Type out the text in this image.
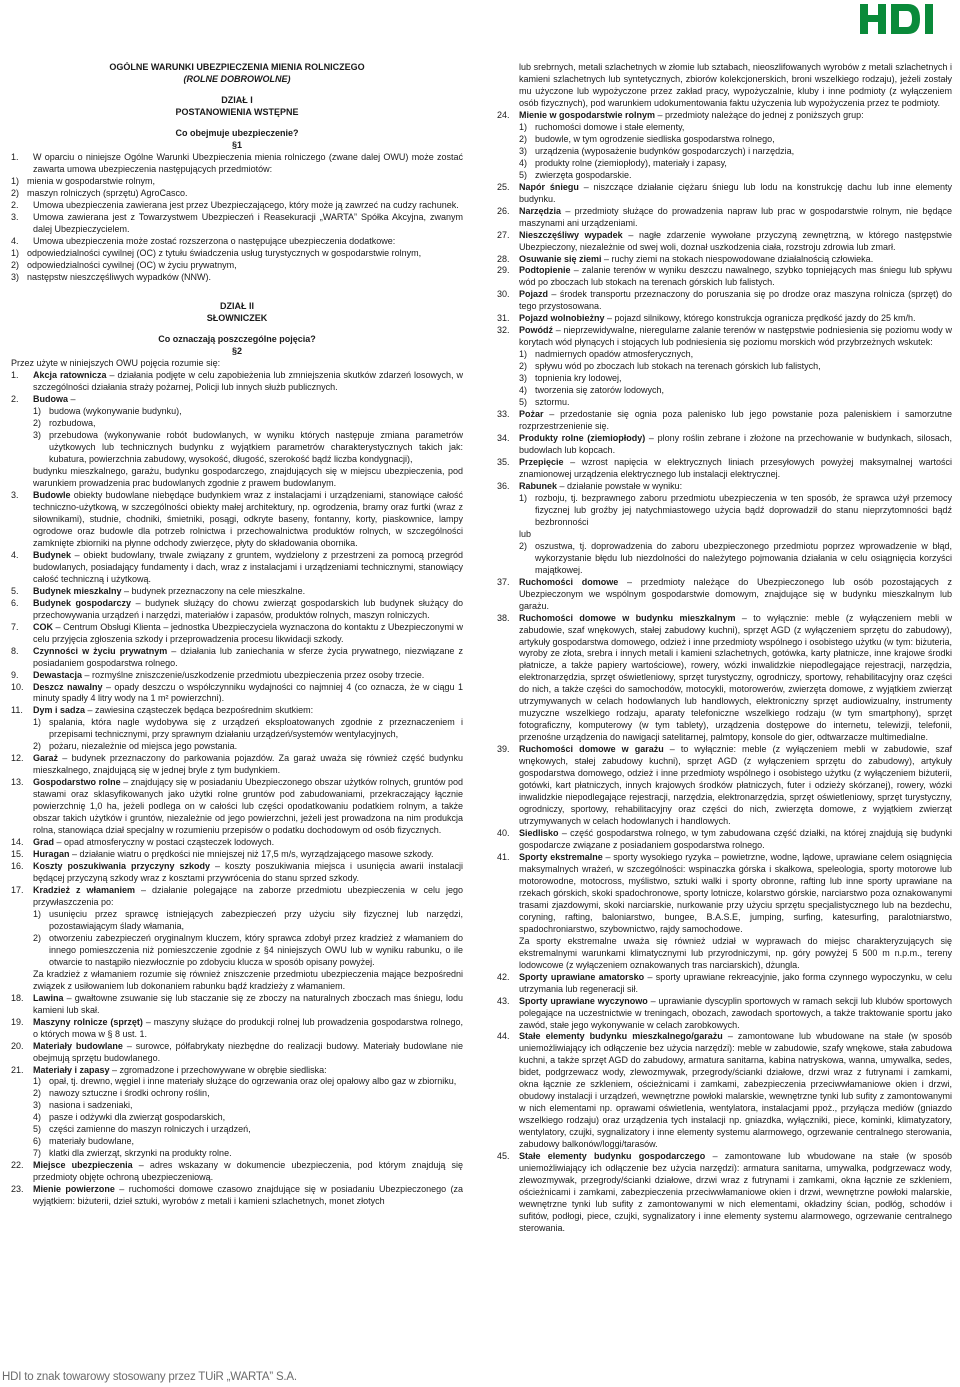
OGÓLNE WARUNKI UBEZPIECZENIA MIENIA ROLNICZEGO

(ROLNE DOBROWOLNE)

DZIAŁ I

POSTANOWIENIA WSTĘPNE

Co obejmuje ubezpieczenie?

§1

1.	W oparciu o niniejsze Ogólne Warunki Ubezpieczenia mienia rolniczego (zwane dalej OWU) może zostać zawarta umowa ubezpieczenia następujących przedmiotów:
1) mienia w gospodarstwie rolnym,
2) maszyn rolniczych (sprzętu) AgroCasco.
2.	Umowa ubezpieczenia zawierana jest przez Ubezpieczającego, który może ją zawrzeć na cudzy rachunek.
3.	Umowa zawierana jest z Towarzystwem Ubezpieczeń i Reasekuracji „WARTA” Spółka Akcyjna, zwanym dalej Ubezpieczycielem.
4.	Umowa ubezpieczenia może zostać rozszerzona o następujące ubezpieczenia dodatkowe:
1) odpowiedzialności cywilnej (OC) z tytułu świadczenia usług turystycznych w gospodarstwie rolnym,
2) odpowiedzialności cywilnej (OC) w życiu prywatnym,
3) następstw nieszczęśliwych wypadków (NNW).

DZIAŁ II

SŁOWNICZEK

Co oznaczają poszczególne pojęcia?

§2

Przez użyte w niniejszych OWU pojęcia rozumie się:

1.	Akcja ratownicza – działania podjęte w celu zapobieżenia lub zmniejszenia skutków zdarzeń losowych, w szczególności działania straży pożarnej, Policji lub innych służb publicznych.
2.	Budowa –
1) budowa (wykonywanie budynku),
2) rozbudowa,
3) przebudowa (wykonywanie robót budowlanych, w wyniku których następuje zmiana parametrów użytkowych lub technicznych budynku z wyjątkiem parametrów charakterystycznych takich jak: kubatura, powierzchnia zabudowy, wysokość, długość, szerokość bądź liczba kondygnacji),
budynku mieszkalnego, garażu, budynku gospodarczego, znajdujących się w miejscu ubezpieczenia, pod warunkiem prowadzenia prac budowlanych zgodnie z prawem budowlanym.
3.	Budowle obiekty budowlane niebędące budynkiem wraz z instalacjami i urządzeniami, stanowiące całość techniczno-użytkową, w szczególności obiekty małej architektury, np. ogrodzenia, bramy oraz furtki (wraz z siłownikami), studnie, chodniki, śmietniki, posągi, odkryte baseny, fontanny, korty, piaskownice, lampy ogrodowe oraz budowle dla potrzeb rolnictwa i przechowalnictwa produktów rolnych, w szczególności zamknięte zbiorniki na płynne odchody zwierzęce, płyty do składowania obornika.
4.	Budynek – obiekt budowlany, trwale związany z gruntem, wydzielony z przestrzeni za pomocą przegród budowlanych, posiadający fundamenty i dach, wraz z instalacjami i urządzeniami technicznymi, stanowiący całość techniczną i użytkową.
5.	Budynek mieszkalny – budynek przeznaczony na cele mieszkalne.
6.	Budynek gospodarczy – budynek służący do chowu zwierząt gospodarskich lub budynek służący do przechowywania urządzeń i narzędzi, materiałów i zapasów, produktów rolnych, maszyn rolniczych.
7.	COK – Centrum Obsługi Klienta – jednostka Ubezpieczyciela wyznaczona do kontaktu z Ubezpieczonymi w celu przyjęcia zgłoszenia szkody i przeprowadzenia procesu likwidacji szkody.
8.	Czynności w życiu prywatnym – działania lub zaniechania w sferze życia prywatnego, niezwiązane z posiadaniem gospodarstwa rolnego.
9.	Dewastacja – rozmyślne zniszczenie/uszkodzenie przedmiotu ubezpieczenia przez osoby trzecie.
10.	Deszcz nawalny – opady deszczu o współczynniku wydajności co najmniej 4 (co oznacza, że w ciągu 1 minuty spadły 4 litry wody na 1 m² powierzchni).
11.	Dym i sadza – zawiesina cząsteczek będąca bezpośrednim skutkiem:
1) spalania, która nagle wydobywa się z urządzeń eksploatowanych zgodnie z przeznaczeniem i przepisami technicznymi, przy sprawnym działaniu urządzeń/systemów wentylacyjnych,
2) pożaru, niezależnie od miejsca jego powstania.
12.	Garaż – budynek przeznaczony do parkowania pojazdów. Za garaż uważa się również część budynku mieszkalnego, znajdującą się w jednej bryle z tym budynkiem.
13.	Gospodarstwo rolne – znajdujący się w posiadaniu Ubezpieczonego obszar użytków rolnych, gruntów pod stawami oraz sklasyfikowanych jako użytki rolne gruntów pod zabudowaniami, przekraczający łącznie powierzchnię 1,0 ha, jeżeli podlega on w całości lub części opodatkowaniu podatkiem rolnym, a także obszar takich użytków i gruntów, niezależnie od jego powierzchni, jeżeli jest prowadzona na nim produkcja rolna, stanowiąca dział specjalny w rozumieniu przepisów o podatku dochodowym od osób fizycznych.
14.	Grad – opad atmosferyczny w postaci cząsteczek lodowych.
15.	Huragan – działanie wiatru o prędkości nie mniejszej niż 17,5 m/s, wyrządzającego masowe szkody.
16.	Koszty poszukiwania przyczyny szkody – koszty poszukiwania miejsca i usunięcia awarii instalacji będącej przyczyną szkody wraz z kosztami przywrócenia do stanu sprzed szkody.
17.	Kradzież z włamaniem – działanie polegające na zaborze przedmiotu ubezpieczenia w celu jego przywłaszczenia po:
1) usunięciu przez sprawcę istniejących zabezpieczeń przy użyciu siły fizycznej lub narzędzi, pozostawiającym ślady włamania,
2) otworzeniu zabezpieczeń oryginalnym kluczem, który sprawca zdobył przez kradzież z włamaniem do innego pomieszczenia niż pomieszczenie zgodnie z §4 niniejszych OWU lub w wyniku rabunku, o ile otwarcie to nastąpiło niezwłocznie po zdobyciu klucza w sposób opisany powyżej.
Za kradzież z włamaniem rozumie się również zniszczenie przedmiotu ubezpieczenia mające bezpośredni związek z usiłowaniem lub dokonaniem rabunku bądź kradzieży z włamaniem.
18.	Lawina – gwałtowne zsuwanie się lub staczanie się ze zboczy na naturalnych zboczach mas śniegu, lodu kamieni lub skał.
19.	Maszyny rolnicze (sprzęt) – maszyny służące do produkcji rolnej lub prowadzenia gospodarstwa rolnego, o których mowa w § 8 ust. 1.
20.	Materiały budowlane – surowce, półfabrykaty niezbędne do realizacji budowy. Materiały budowlane nie obejmują sprzętu budowlanego.
21.	Materiały i zapasy – zgromadzone i przechowywane w obrębie siedliska:
1) opał, tj. drewno, węgiel i inne materiały służące do ogrzewania oraz olej opałowy albo gaz w zbiorniku,
2) nawozy sztuczne i środki ochrony roślin,
3) nasiona i sadzeniaki,
4) pasze i odżywki dla zwierząt gospodarskich,
5) części zamienne do maszyn rolniczych i urządzeń,
6) materiały budowlane,
7) klatki dla zwierząt, skrzynki na produkty rolne.
22.	Miejsce ubezpieczenia – adres wskazany w dokumencie ubezpieczenia, pod którym znajdują się przedmioty objęte ochroną ubezpieczeniową.
23.	Mienie powierzone – ruchomości domowe czasowo znajdujące się w posiadaniu Ubezpieczonego (za wyjątkiem: biżuterii, dzieł sztuki, wyrobów z metali i kamieni szlachetnych, monet złotych
lub srebrnych, metali szlachetnych w złomie lub sztabach, nieoszlifowanych wyrobów z metali szlachetnych i kamieni szlachetnych lub syntetycznych, zbiorów kolekcjonerskich, broni wszelkiego rodzaju), jeżeli zostały mu użyczone lub wypożyczone przez zakład pracy, wypożyczalnie, kluby i inne podmioty (z wyłączeniem osób fizycznych), pod warunkiem udokumentowania faktu użyczenia lub wypożyczenia przez te podmioty.
24.	Mienie w gospodarstwie rolnym – przedmioty należące do jednej z poniższych grup:
1) ruchomości domowe i stałe elementy,
2) budowle, w tym ogrodzenie siedliska gospodarstwa rolnego,
3) urządzenia (wyposażenie budynków gospodarczych) i narzędzia,
4) produkty rolne (ziemiopłody), materiały i zapasy,
5) zwierzęta gospodarskie.
25.	Napór śniegu – niszczące działanie ciężaru śniegu lub lodu na konstrukcję dachu lub inne elementy budynku.
26.	Narzędzia – przedmioty służące do prowadzenia napraw lub prac w gospodarstwie rolnym, nie będące maszynami ani urządzeniami.
27.	Nieszczęśliwy wypadek – nagłe zdarzenie wywołane przyczyną zewnętrzną, w którego następstwie Ubezpieczony, niezależnie od swej woli, doznał uszkodzenia ciała, rozstroju zdrowia lub zmarł.
28.	Osuwanie się ziemi – ruchy ziemi na stokach niespowodowane działalnością człowieka.
29.	Podtopienie – zalanie terenów w wyniku deszczu nawalnego, szybko topniejących mas śniegu lub spływu wód po zboczach lub stokach na terenach górskich lub falistych.
30.	Pojazd – środek transportu przeznaczony do poruszania się po drodze oraz maszyna rolnicza (sprzęt) do tego przystosowana.
31.	Pojazd wolnobieżny – pojazd silnikowy, którego konstrukcja ogranicza prędkość jazdy do 25 km/h.
32.	Powódź – nieprzewidywalne, nieregularne zalanie terenów w następstwie podniesienia się poziomu wody w korytach wód płynących i stojących lub podniesienia się poziomu morskich wód przybrzeżnych wskutek:
1) nadmiernych opadów atmosferycznych,
2) spływu wód po zboczach lub stokach na terenach górskich lub falistych,
3) topnienia kry lodowej,
4) tworzenia się zatorów lodowych,
5) sztormu.
33.	Pożar – przedostanie się ognia poza palenisko lub jego powstanie poza paleniskiem i samorzutne rozprzestrzenienie się.
34.	Produkty rolne (ziemiopłody) – plony roślin zebrane i złożone na przechowanie w budynkach, silosach, budowlach lub kopcach.
35.	Przepięcie – wzrost napięcia w elektrycznych liniach przesyłowych powyżej maksymalnej wartości znamionowej urządzenia elektrycznego lub instalacji elektrycznej.
36.	Rabunek – działanie powstałe w wyniku:
1) rozboju, tj. bezprawnego zaboru przedmiotu ubezpieczenia w ten sposób, że sprawca użył przemocy fizycznej lub groźby jej natychmiastowego użycia bądź doprowadził do stanu nieprzytomności bądź bezbronności
lub
2) oszustwa, tj. doprowadzenia do zaboru ubezpieczonego przedmiotu poprzez wprowadzenie w błąd, wykorzystanie błędu lub niezdolności do należytego pojmowania działania w celu osiągnięcia korzyści majątkowej.
37.	Ruchomości domowe – przedmioty należące do Ubezpieczonego lub osób pozostających z Ubezpieczonym we wspólnym gospodarstwie domowym, znajdujące się w budynku mieszkalnym lub garażu.
38.	Ruchomości domowe w budynku mieszkalnym – to wyłącznie: meble (z wyłączeniem mebli w zabudowie, szaf wnękowych, stałej zabudowy kuchni), sprzęt AGD (z wyłączeniem sprzętu do zabudowy), artykuły gospodarstwa domowego, odzież i inne przedmioty wspólnego i osobistego użytku (w tym: biżuteria, wyroby ze złota, srebra i innych metali i kamieni szlachetnych, gotówka, karty płatnicze, inne krajowe środki płatnicze, a także papiery wartościowe), rowery, wózki inwalidzkie niepodlegające rejestracji, narzędzia, elektronarzędzia, sprzęt oświetleniowy, sprzęt turystyczny, ogrodniczy, sportowy, rehabilitacyjny oraz części do nich, a także części do samochodów, motocykli, motorowerów, zwierzęta domowe, z wyjątkiem zwierząt utrzymywanych w celach hodowlanych lub handlowych, elektroniczny sprzęt audiowizualny, instrumenty muzyczne wszelkiego rodzaju, aparaty telefoniczne wszelkiego rodzaju (w tym smartphony), sprzęt fotograficzny, komputerowy (w tym tablety), urządzenia dostępowe do internetu, telewizji, telefonii, przenośne urządzenia do nawigacji satelitarnej, palmtopy, konsole do gier, odtwarzacze multimedialne.
39.	Ruchomości domowe w garażu – to wyłącznie: meble (z wyłączeniem mebli w zabudowie, szaf wnękowych, stałej zabudowy kuchni), sprzęt AGD (z wyłączeniem sprzętu do zabudowy), artykuły gospodarstwa domowego, odzież i inne przedmioty wspólnego i osobistego użytku (z wyłączeniem biżuterii, gotówki, kart płatniczych, innych krajowych środków płatniczych, futer i odzieży skórzanej), rowery, wózki inwalidzkie niepodlegające rejestracji, narzędzia, elektronarzędzia, sprzęt oświetleniowy, sprzęt turystyczny, ogrodniczy, sportowy, rehabilitacyjny oraz części do nich, zwierzęta domowe, z wyjątkiem zwierząt utrzymywanych w celach hodowlanych i handlowych.
40.	Siedlisko – część gospodarstwa rolnego, w tym zabudowana część działki, na której znajdują się budynki gospodarcze związane z posiadaniem gospodarstwa rolnego.
41.	Sporty ekstremalne – sporty wysokiego ryzyka – powietrzne, wodne, lądowe, uprawiane celem osiągnięcia maksymalnych wrażeń, w szczególności: wspinaczka górska i skałkowa, speleologia, sporty motorowe lub motorowodne, motocross, myślistwo, sztuki walki i sporty obronne, rafting lub inne sporty uprawiane na rzekach górskich, skoki spadochronowe, sporty lotnicze, kolarstwo górskie, narciarstwo poza oznakowanymi trasami zjazdowymi, skoki narciarskie, nurkowanie przy użyciu sprzętu specjalistycznego lub na bezdechu, coryning, rafting, baloniarstwo, bungee, B.A.S.E, jumping, surfing, katesurfing, paralotniarstwo, spadochroniarstwo, szybownictwo, rajdy samochodowe.
Za sporty ekstremalne uważa się również udział w wyprawach do miejsc charakteryzujących się ekstremalnymi warunkami klimatycznymi lub przyrodniczymi, np. góry powyżej 5 500 m n.p.m., tereny lodowcowe (z wyłączeniem oznakowanych tras narciarskich), dżungla.
42.	Sporty uprawiane amatorsko – sporty uprawiane rekreacyjnie, jako forma czynnego wypoczynku, w celu utrzymania lub regeneracji sił.
43.	Sporty uprawiane wyczynowo – uprawianie dyscyplin sportowych w ramach sekcji lub klubów sportowych polegające na uczestnictwie w treningach, obozach, zawodach sportowych, a także traktowanie sportu jako zawód, stałe jego wykonywanie w celach zarobkowych.
44.	Stałe elementy budynku mieszkalnego/garażu – zamontowane lub wbudowane na stałe (w sposób uniemożliwiający ich odłączenie bez użycia narzędzi): meble w zabudowie, szafy wnękowe, stała zabudowa kuchni, a także sprzęt AGD do zabudowy, armatura sanitarna, kabina natryskowa, wanna, umywalka, sedes, bidet, podgrzewacz wody, zlewozmywak, przegrody/ścianki działowe, drzwi wraz z futrynami i zamkami, okna łącznie ze szkleniem, ościeżnicami i zamkami, zabezpieczenia przeciwwłamaniowe okien i drzwi, obudowy instalacji i urządzeń, wewnętrzne powłoki malarskie, wewnętrzne tynki lub sufity z zamontowanymi w nich elementami np. oprawami oświetlenia, wentylatora, instalacjami ppoż., przyłącza mediów (gniazdo wszelkiego rodzaju) oraz urządzenia tych instalacji np. gniazdka, wyłączniki, piece, kominki, klimatyzatory, wentylatory, czujki, sygnalizatory i inne elementy systemu alarmowego, ogrzewanie centralnego sterowania, zabudowy balkonów/loggi/tarasów.
45.	Stałe elementy budynku gospodarczego – zamontowane lub wbudowane na stałe (w sposób uniemożliwiający ich odłączenie bez użycia narzędzi): armatura sanitarna, umywalka, podgrzewacz wody, zlewozmywak, przegrody/ścianki działowe, drzwi wraz z futrynami i zamkami, okna łącznie ze szkleniem, ościeżnicami i zamkami, zabezpieczenia przeciwwłamaniowe okien i drzwi, wewnętrzne powłoki malarskie, wewnętrzne tynki lub sufity z zamontowanymi w nich elementami, okładziny ścian, podłóg, schodów i sufitów, podłogi, piece, czujki, sygnalizatory i inne elementy systemu alarmowego, ogrzewanie centralnego sterowania.
HDI to znak towarowy stosowany przez TUiR „WARTA” S.A.
